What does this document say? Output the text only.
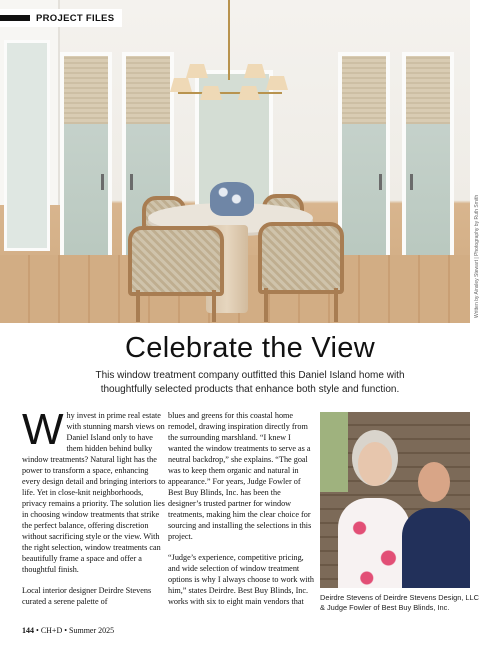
PROJECT FILES
Written by Ainsley Stewart | Photography by Ruth Smith
Celebrate the View
This window treatment company outfitted this Daniel Island home with thoughtfully selected products that enhance both style and function.

Why invest in prime real estate with stunning marsh views on Daniel Island only to have them hidden behind bulky window treatments? Natural light has the power to transform a space, enhancing every design detail and bringing interiors to life. Yet in close-knit neighborhoods, privacy remains a priority. The solution lies in choosing window treatments that strike the perfect balance, offering discretion without sacrificing style or the view. With the right selection, window treatments can beautifully frame a space and offer a thoughtful finish.

Local interior designer Deirdre Stevens curated a serene palette of

blues and greens for this coastal home remodel, drawing inspiration directly from the surrounding marshland. “I knew I wanted the window treatments to serve as a neutral backdrop,” she explains. “The goal was to keep them organic and natural in appearance.” For years, Judge Fowler of Best Buy Blinds, Inc. has been the designer’s trusted partner for window treatments, making him the clear choice for sourcing and installing the selections in this project.

“Judge’s experience, competitive pricing, and wide selection of window treatment options is why I always choose to work with him,” states Deirdre. Best Buy Blinds, Inc. works with six to eight main vendors that	Deirdre Stevens of Deirdre Stevens Design, LLC & Judge Fowler of Best Buy Blinds, Inc.
144 • CH+D • Summer 2025
